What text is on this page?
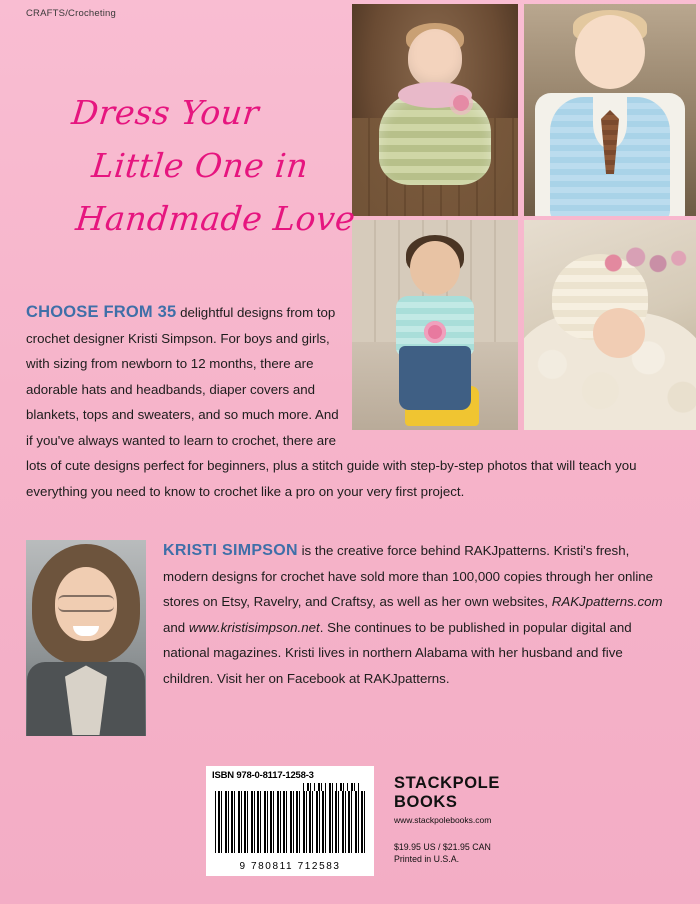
CRAFTS/Crocheting
Dress Your
Little One in
Handmade Love
CHOOSE FROM 35 delightful designs from top crochet designer Kristi Simpson. For boys and girls, with sizing from newborn to 12 months, there are adorable hats and headbands, diaper covers and blankets, tops and sweaters, and so much more. And if you've always wanted to learn to crochet, there are lots of cute designs perfect for beginners, plus a stitch guide with step-by-step photos that will teach you everything you need to know to crochet like a pro on your very first project.
KRISTI SIMPSON is the creative force behind RAKJpatterns. Kristi's fresh, modern designs for crochet have sold more than 100,000 copies through her online stores on Etsy, Ravelry, and Craftsy, as well as her own websites, RAKJpatterns.com and www.kristisimpson.net. She continues to be published in popular digital and national magazines. Kristi lives in northern Alabama with her husband and five children. Visit her on Facebook at RAKJpatterns.
ISBN 978-0-8117-1258-3
9 780811 712583
STACKPOLE
BOOKS
www.stackpolebooks.com
$19.95 US / $21.95 CAN
Printed in U.S.A.
